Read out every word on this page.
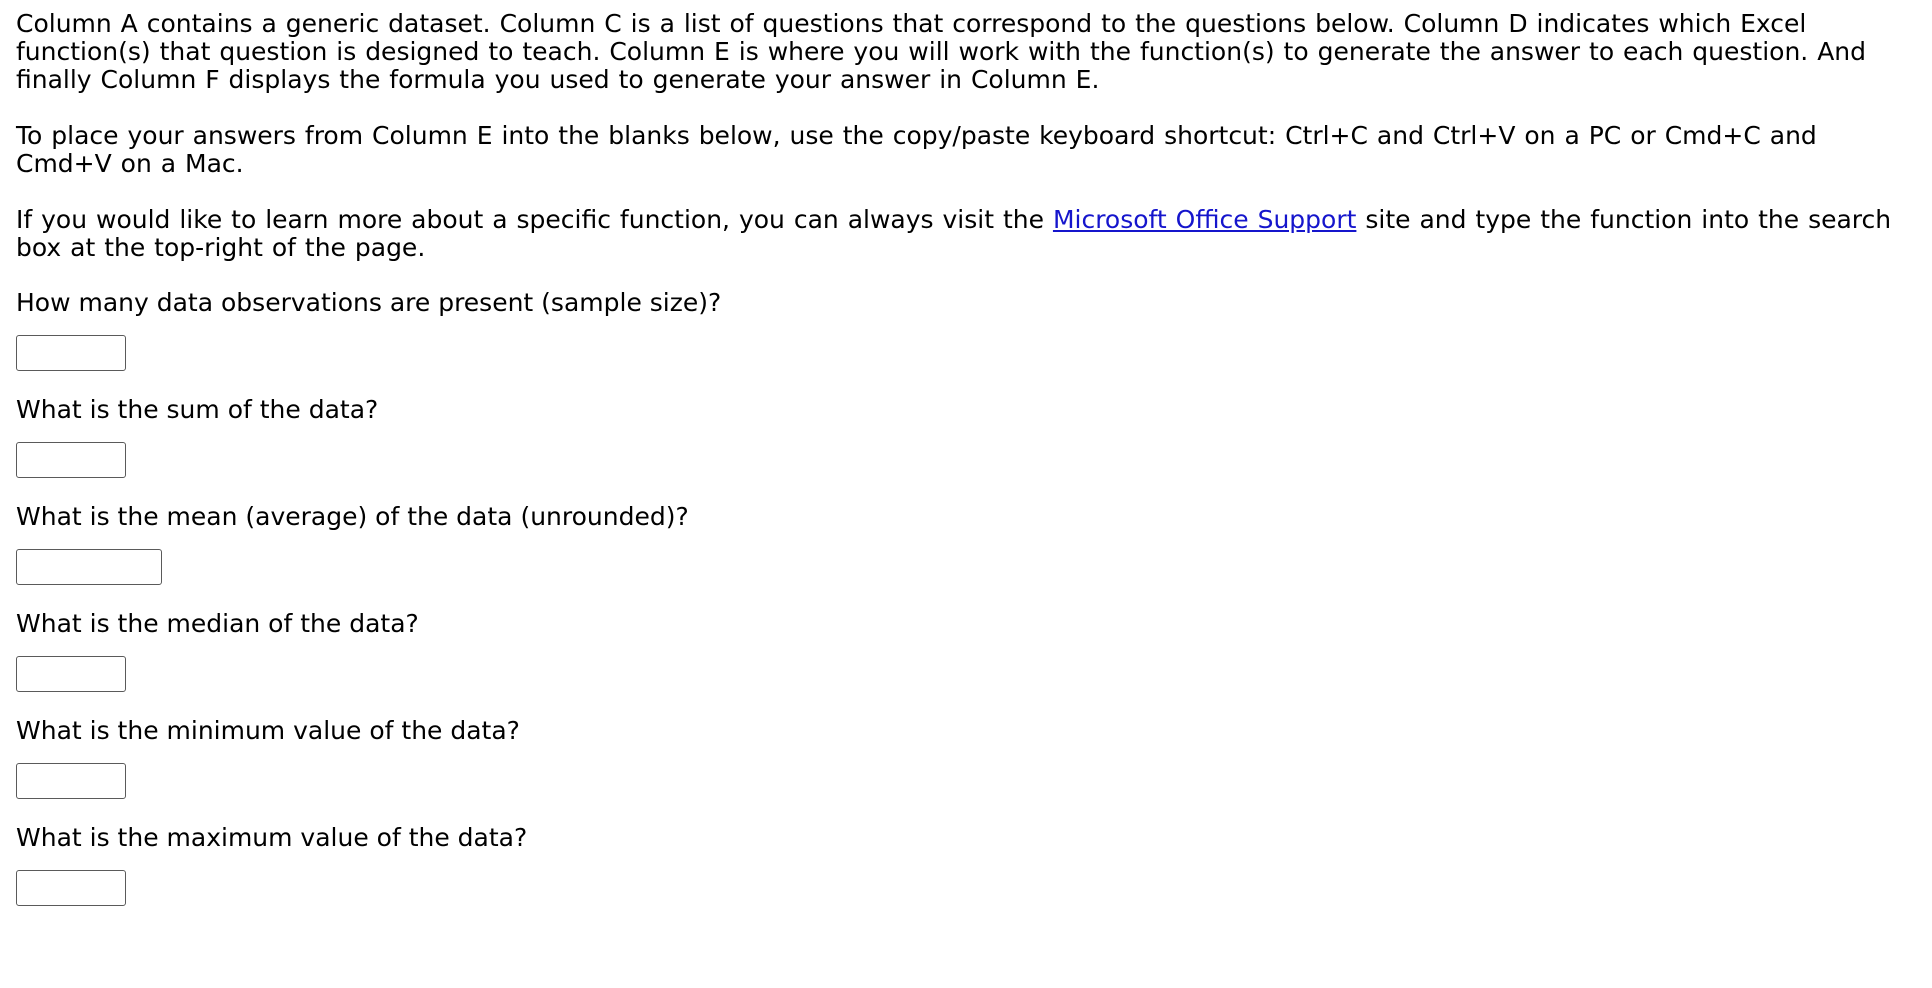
Column A contains a generic dataset. Column C is a list of questions that correspond to the questions below. Column D indicates which Excel function(s) that question is designed to teach. Column E is where you will work with the function(s) to generate the answer to each question. And finally Column F displays the formula you used to generate your answer in Column E.

To place your answers from Column E into the blanks below, use the copy/paste keyboard shortcut: Ctrl+C and Ctrl+V on a PC or Cmd+C and Cmd+V on a Mac.

If you would like to learn more about a specific function, you can always visit the Microsoft Office Support site and type the function into the search box at the top-right of the page.

How many data observations are present (sample size)?

What is the sum of the data?

What is the mean (average) of the data (unrounded)?

What is the median of the data?

What is the minimum value of the data?

What is the maximum value of the data?
